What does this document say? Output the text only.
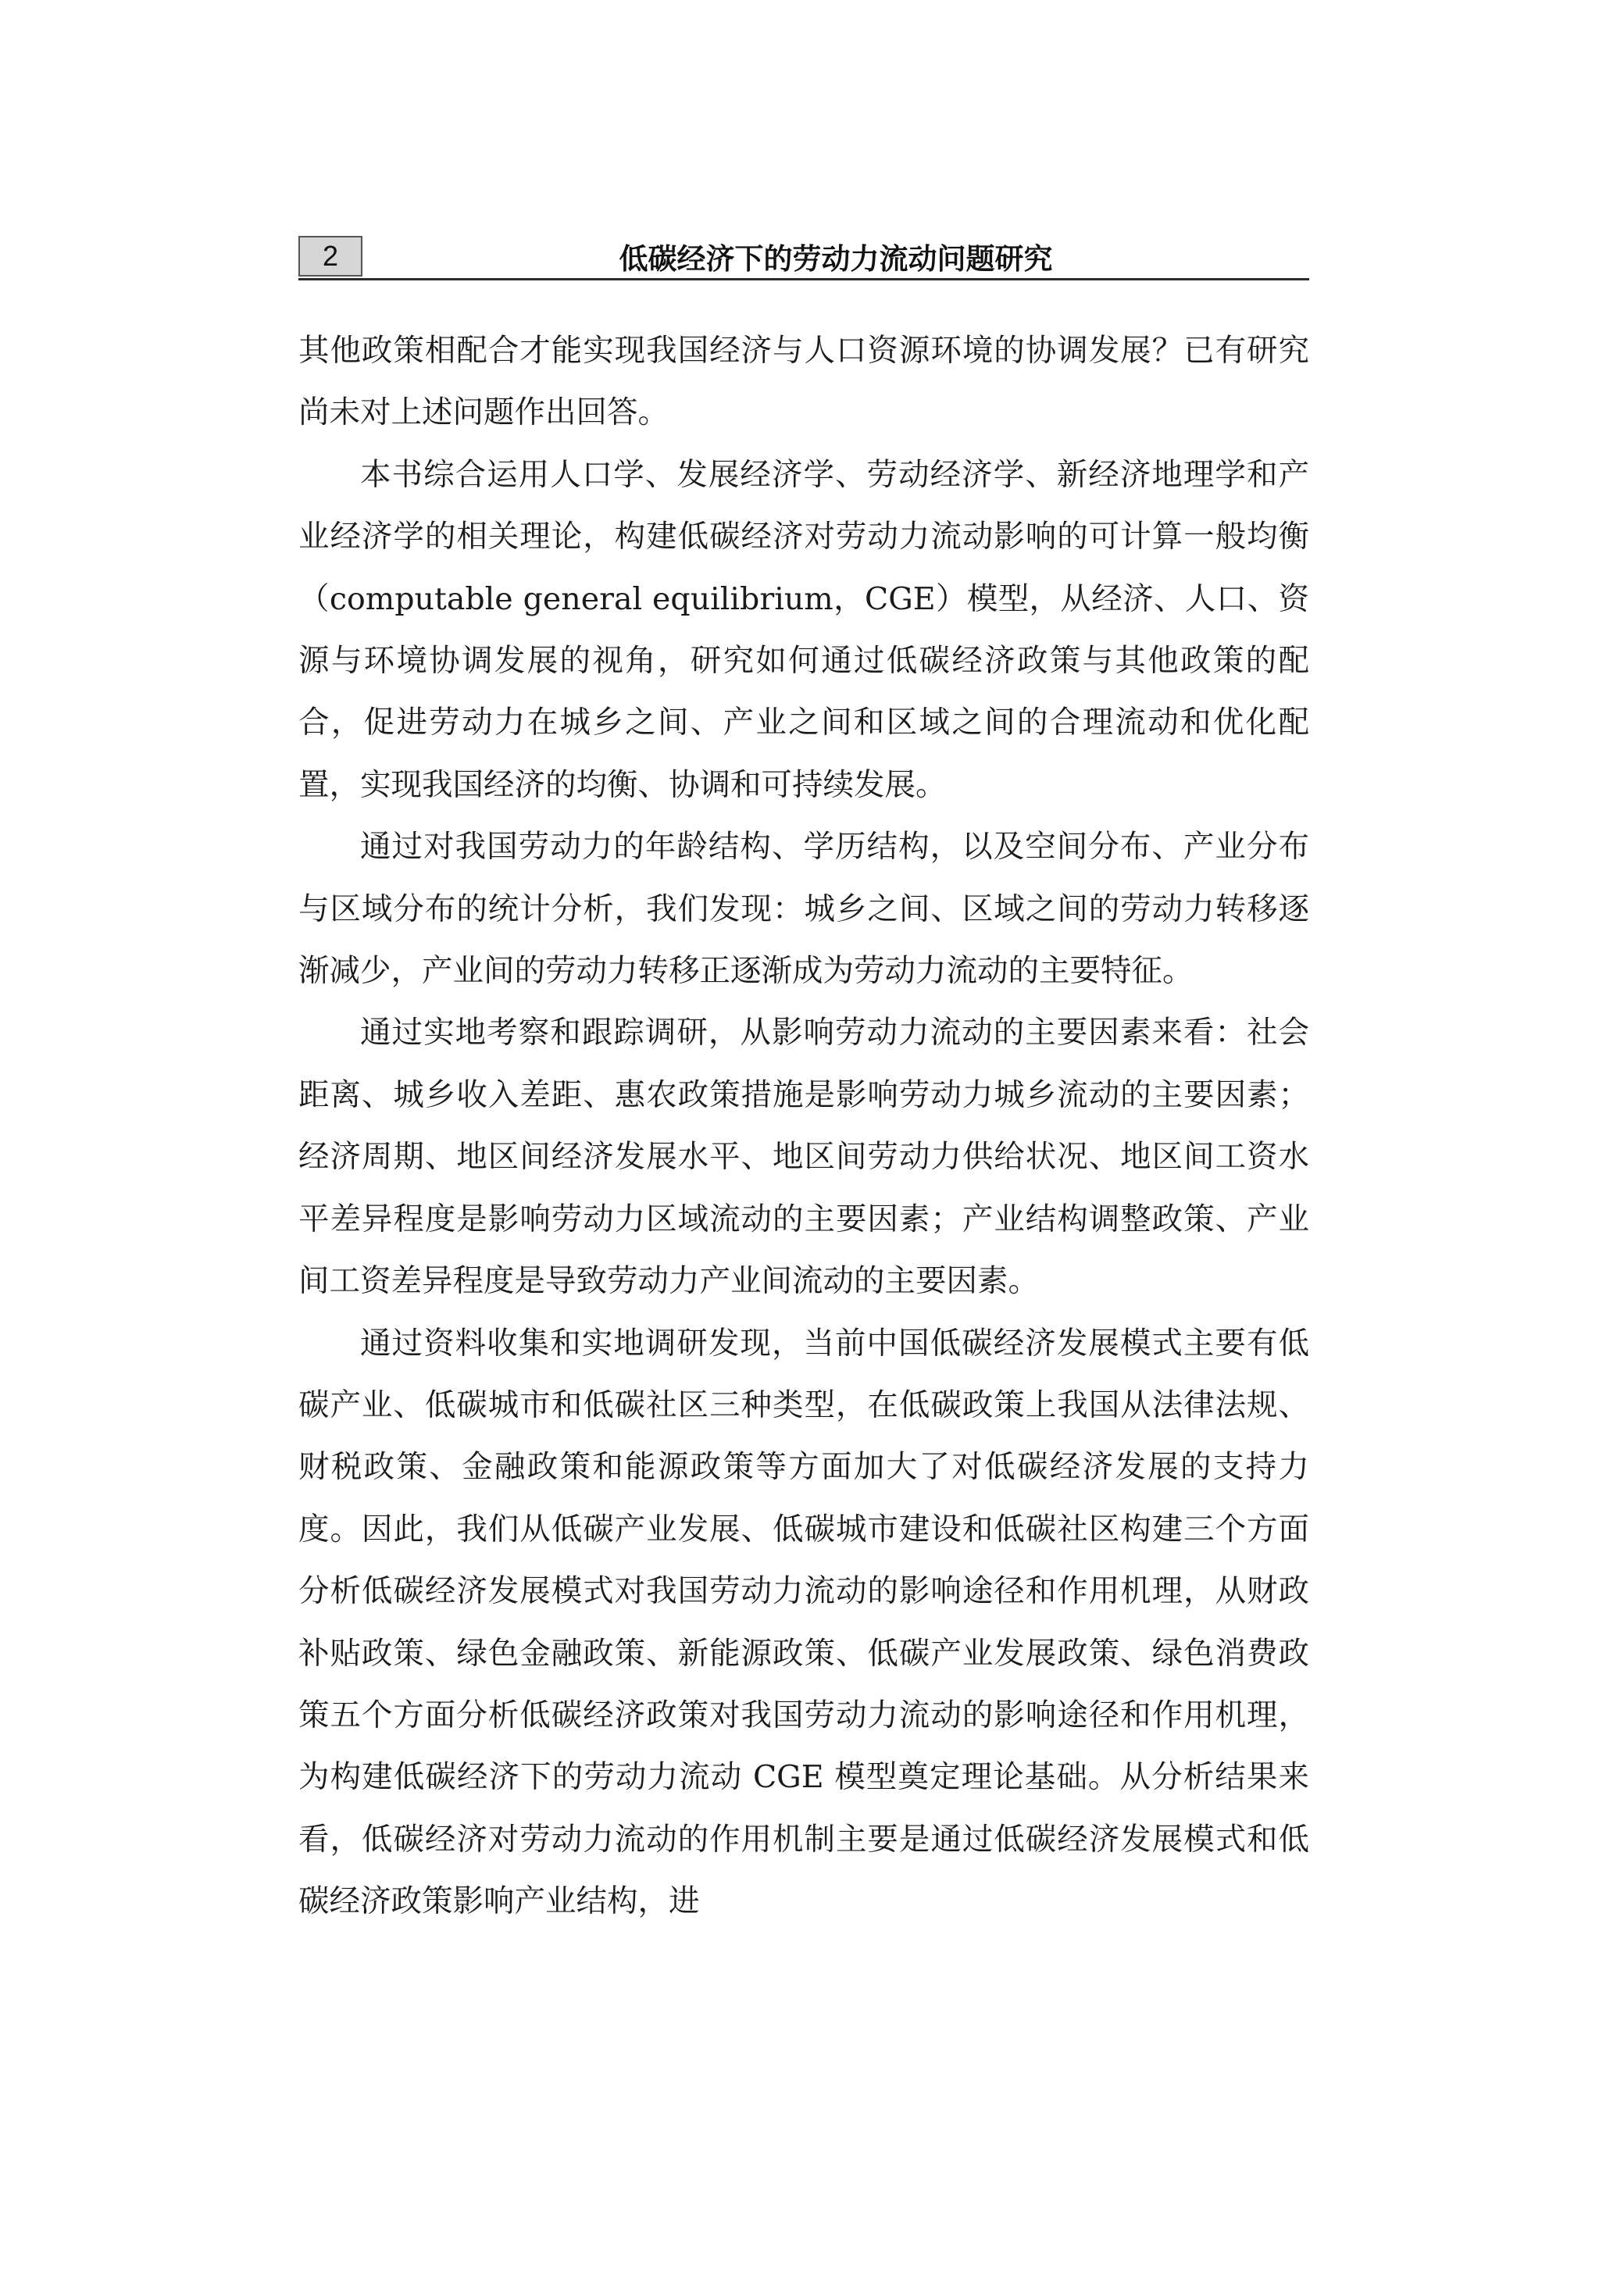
2	低碳经济下的劳动力流动问题研究

其他政策相配合才能实现我国经济与人口资源环境的协调发展？已有研究尚未对上述问题作出回答。

本书综合运用人口学、发展经济学、劳动经济学、新经济地理学和产业经济学的相关理论，构建低碳经济对劳动力流动影响的可计算一般均衡（computable general equilibrium，CGE）模型，从经济、人口、资源与环境协调发展的视角，研究如何通过低碳经济政策与其他政策的配合，促进劳动力在城乡之间、产业之间和区域之间的合理流动和优化配置，实现我国经济的均衡、协调和可持续发展。

通过对我国劳动力的年龄结构、学历结构，以及空间分布、产业分布与区域分布的统计分析，我们发现：城乡之间、区域之间的劳动力转移逐渐减少，产业间的劳动力转移正逐渐成为劳动力流动的主要特征。

通过实地考察和跟踪调研，从影响劳动力流动的主要因素来看：社会距离、城乡收入差距、惠农政策措施是影响劳动力城乡流动的主要因素；经济周期、地区间经济发展水平、地区间劳动力供给状况、地区间工资水平差异程度是影响劳动力区域流动的主要因素；产业结构调整政策、产业间工资差异程度是导致劳动力产业间流动的主要因素。

通过资料收集和实地调研发现，当前中国低碳经济发展模式主要有低碳产业、低碳城市和低碳社区三种类型，在低碳政策上我国从法律法规、财税政策、金融政策和能源政策等方面加大了对低碳经济发展的支持力度。因此，我们从低碳产业发展、低碳城市建设和低碳社区构建三个方面分析低碳经济发展模式对我国劳动力流动的影响途径和作用机理，从财政补贴政策、绿色金融政策、新能源政策、低碳产业发展政策、绿色消费政策五个方面分析低碳经济政策对我国劳动力流动的影响途径和作用机理，为构建低碳经济下的劳动力流动 CGE 模型奠定理论基础。从分析结果来看，低碳经济对劳动力流动的作用机制主要是通过低碳经济发展模式和低碳经济政策影响产业结构，进
